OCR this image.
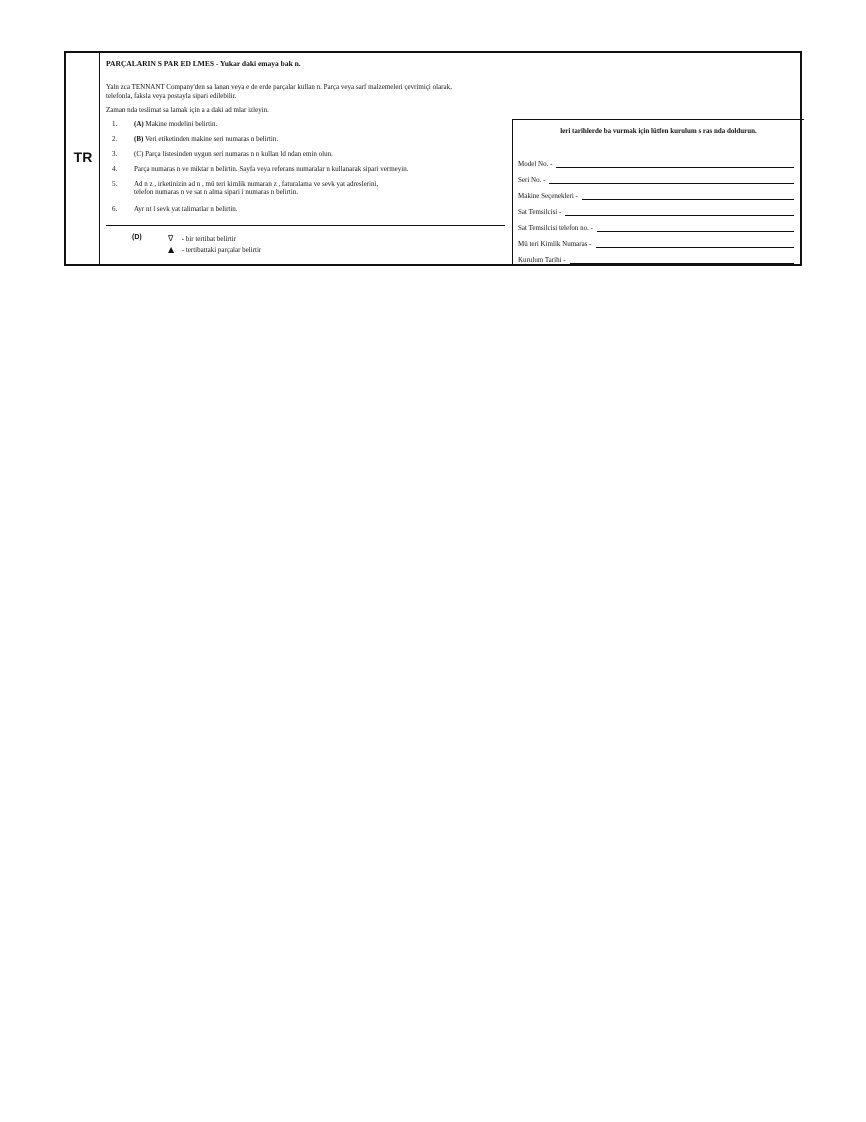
TR
PARÇALARIN S PAR ED LMES - Yukar daki emaya bak n.
Yaln zca TENNANT Company'den sa lanan veya e de erde parçalar kullan n. Parça veya sarf malzemeleri çevrimiçi olarak,
telefonla, faksla veya postayla sipari edilebilir.
Zaman nda teslimat sa lamak için a a daki ad mlar izleyin.
1. (A) Makine modelini belirtin.
2. (B) Veri etiketinden makine seri numaras n belirtin.
3. (C) Parça listesinden uygun seri numaras n n kullan ld ndan emin olun.
4. Parça numaras n ve miktar n belirtin. Sayfa veya referans numaralar n kullanarak sipari vermeyin.
5. Ad n z , irketinizin ad n , mü teri kimlik numaran z , faturalama ve sevk yat adreslerini,
telefon numaras n ve sat n alma sipari i numaras n belirtin.
6. Ayr nt l sevk yat talimatlar n belirtin.
(D)	∇ - bir tertibat belirtir
▲ - tertibattaki parçalar belirtir
leri tarihlerde ba vurmak için lütfen kurulum s ras nda doldurun.
Model No. -
Seri No. -
Makine Seçenekleri -
Sat Temsilcisi -
Sat Temsilcisi telefon no. -
Mü teri Kimlik Numaras -
Kurulum Tarihi -
